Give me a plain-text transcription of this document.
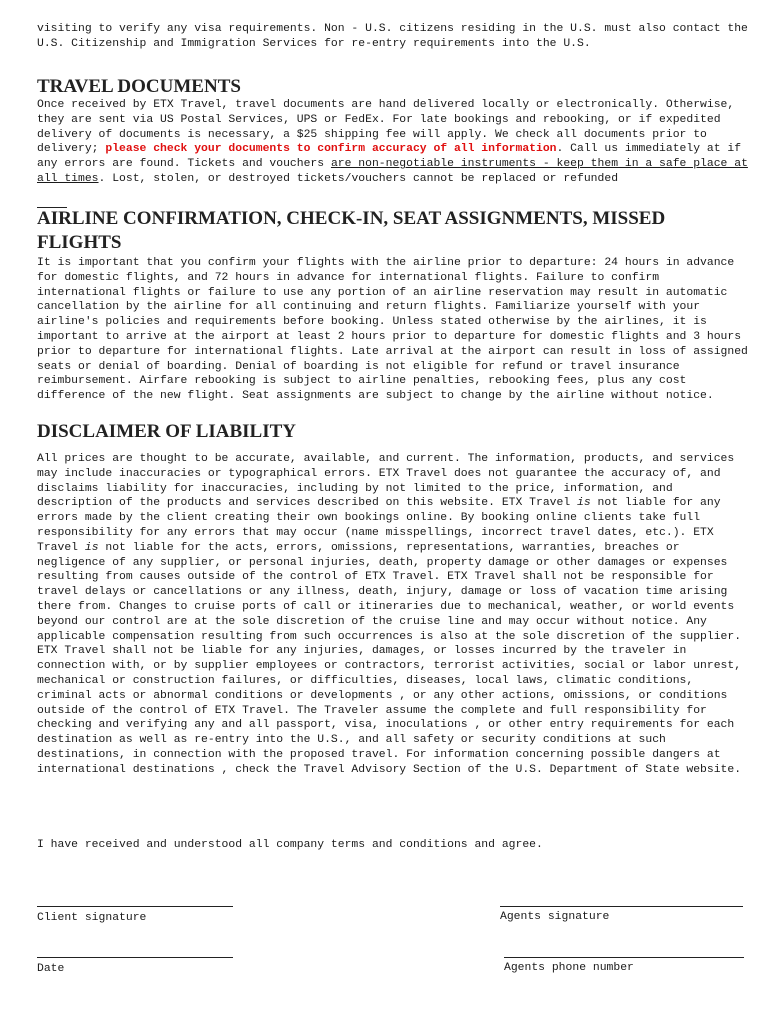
visiting to verify any visa requirements. Non - U.S. citizens residing in the U.S. must also contact the U.S. Citizenship and Immigration Services for re-entry requirements into the U.S.

TRAVEL DOCUMENTS

Once received by ETX Travel, travel documents are hand delivered locally or electronically. Otherwise, they are sent via US Postal Services, UPS or FedEx. For late bookings and rebooking, or if expedited delivery of documents is necessary, a $25 shipping fee will apply. We check all documents prior to delivery; please check your documents to confirm accuracy of all information. Call us immediately at if any errors are found. Tickets and vouchers are non-negotiable instruments - keep them in a safe place at all times. Lost, stolen, or destroyed tickets/vouchers cannot be replaced or refunded

AIRLINE CONFIRMATION, CHECK-IN, SEAT ASSIGNMENTS, MISSED FLIGHTS

It is important that you confirm your flights with the airline prior to departure: 24 hours in advance for domestic flights, and 72 hours in advance for international flights. Failure to confirm international flights or failure to use any portion of an airline reservation may result in automatic cancellation by the airline for all continuing and return flights. Familiarize yourself with your airline's policies and requirements before booking. Unless stated otherwise by the airlines, it is important to arrive at the airport at least 2 hours prior to departure for domestic flights and 3 hours prior to departure for international flights. Late arrival at the airport can result in loss of assigned seats or denial of boarding. Denial of boarding is not eligible for refund or travel insurance reimbursement. Airfare rebooking is subject to airline penalties, rebooking fees, plus any cost difference of the new flight. Seat assignments are subject to change by the airline without notice.

DISCLAIMER OF LIABILITY

All prices are thought to be accurate, available, and current. The information, products, and services may include inaccuracies or typographical errors. ETX Travel does not guarantee the accuracy of, and disclaims liability for inaccuracies, including by not limited to the price, information, and description of the products and services described on this website. ETX Travel is not liable for any errors made by the client creating their own bookings online. By booking online clients take full responsibility for any errors that may occur (name misspellings, incorrect travel dates, etc.). ETX Travel is not liable for the acts, errors, omissions, representations, warranties, breaches or negligence of any supplier, or personal injuries, death, property damage or other damages or expenses resulting from causes outside of the control of ETX Travel. ETX Travel shall not be responsible for travel delays or cancellations or any illness, death, injury, damage or loss of vacation time arising there from. Changes to cruise ports of call or itineraries due to mechanical, weather, or world events beyond our control are at the sole discretion of the cruise line and may occur without notice. Any applicable compensation resulting from such occurrences is also at the sole discretion of the supplier. ETX Travel shall not be liable for any injuries, damages, or losses incurred by the traveler in connection with, or by supplier employees or contractors, terrorist activities, social or labor unrest, mechanical or construction failures, or difficulties, diseases, local laws, climatic conditions, criminal acts or abnormal conditions or developments , or any other actions, omissions, or conditions outside of the control of ETX Travel. The Traveler assume the complete and full responsibility for checking and verifying any and all passport, visa, inoculations , or other entry requirements for each destination as well as re-entry into the U.S., and all safety or security conditions at such destinations, in connection with the proposed travel. For information concerning possible dangers at international destinations , check the Travel Advisory Section of the U.S. Department of State website.

I have received and understood all company terms and conditions and agree.

Client signature	Agents signature
Date	Agents phone number
